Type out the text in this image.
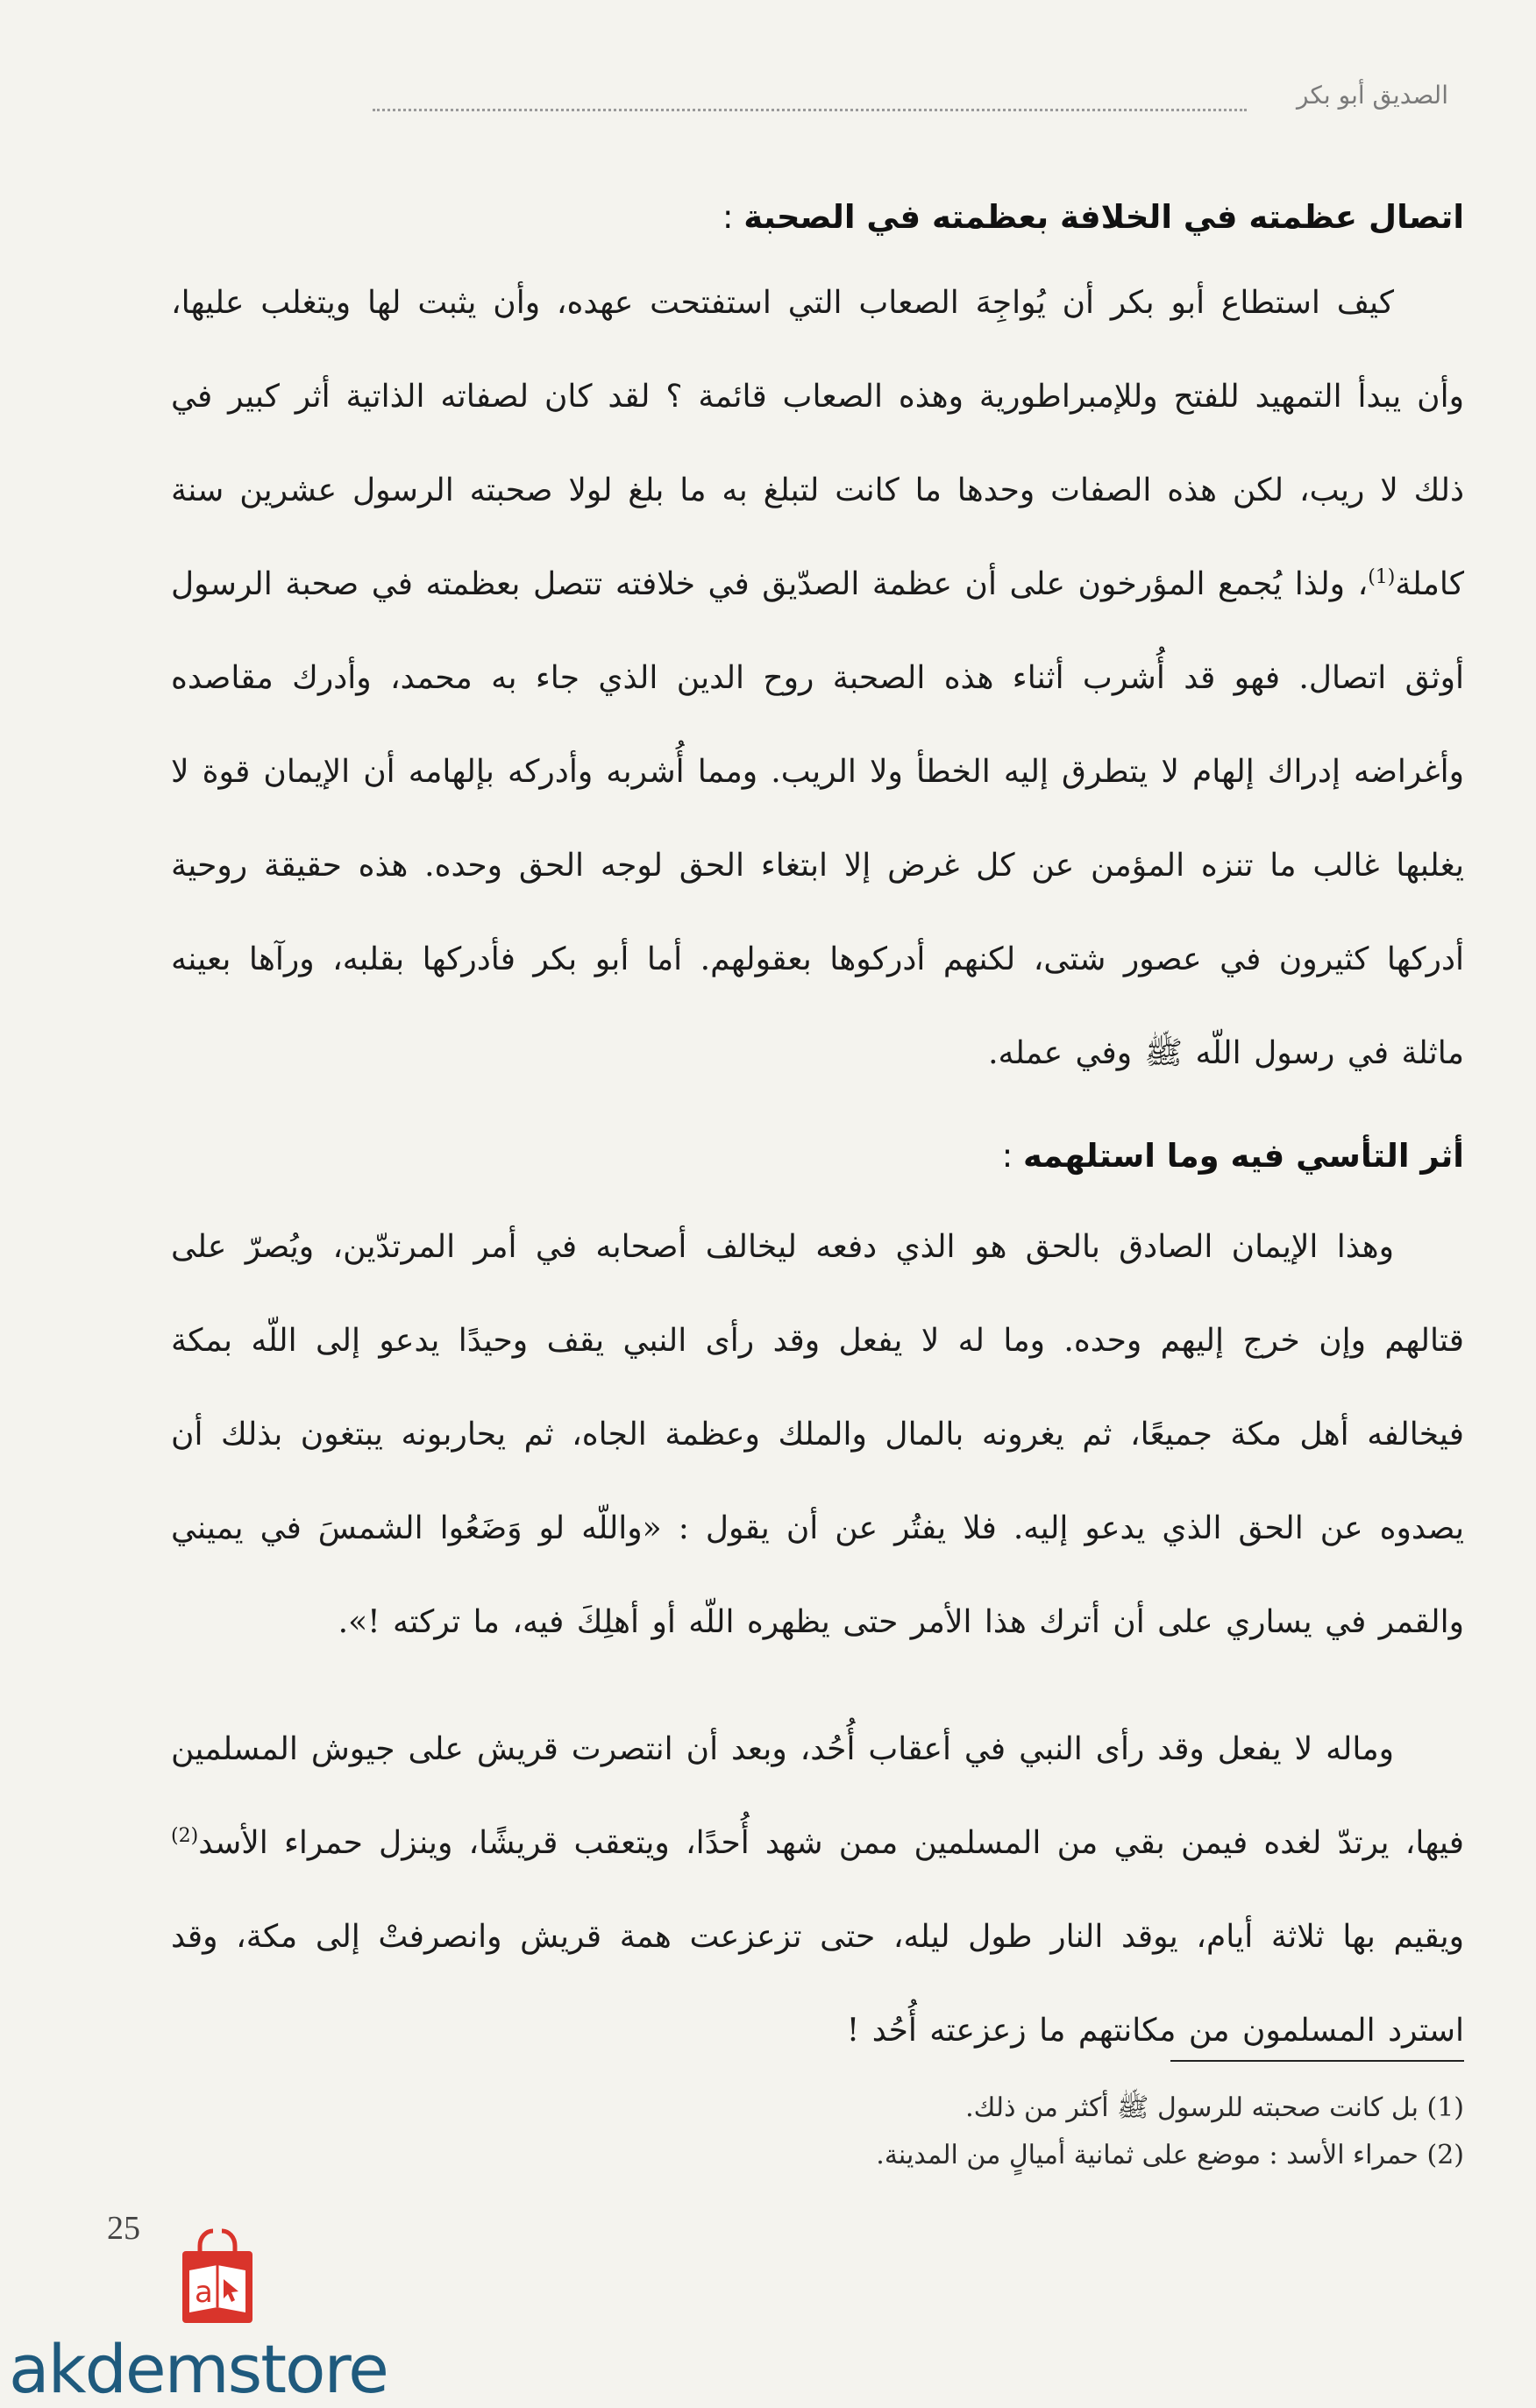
الصديق أبو بكر
اتصال عظمته في الخلافة بعظمته في الصحبة :

كيف استطاع أبو بكر أن يُواجِهَ الصعاب التي استفتحت عهده، وأن يثبت لها ويتغلب عليها، وأن يبدأ التمهيد للفتح وللإمبراطورية وهذه الصعاب قائمة ؟ لقد كان لصفاته الذاتية أثر كبير في ذلك لا ريب، لكن هذه الصفات وحدها ما كانت لتبلغ به ما بلغ لولا صحبته الرسول عشرين سنة كاملة$^{(1)}$، ولذا يُجمع المؤرخون على أن عظمة الصدّيق في خلافته تتصل بعظمته في صحبة الرسول أوثق اتصال. فهو قد أُشرب أثناء هذه الصحبة روح الدين الذي جاء به محمد، وأدرك مقاصده وأغراضه إدراك إلهام لا يتطرق إليه الخطأ ولا الريب. ومما أُشربه وأدركه بإلهامه أن الإيمان قوة لا يغلبها غالب ما تنزه المؤمن عن كل غرض إلا ابتغاء الحق لوجه الحق وحده. هذه حقيقة روحية أدركها كثيرون في عصور شتى، لكنهم أدركوها بعقولهم. أما أبو بكر فأدركها بقلبه، ورآها بعينه ماثلة في رسول اللّه ﷺ وفي عمله.

أثر التأسي فيه وما استلهمه :

وهذا الإيمان الصادق بالحق هو الذي دفعه ليخالف أصحابه في أمر المرتدّين، ويُصرّ على قتالهم وإن خرج إليهم وحده. وما له لا يفعل وقد رأى النبي يقف وحيدًا يدعو إلى اللّه بمكة فيخالفه أهل مكة جميعًا، ثم يغرونه بالمال والملك وعظمة الجاه، ثم يحاربونه يبتغون بذلك أن يصدوه عن الحق الذي يدعو إليه. فلا يفتُر عن أن يقول : «واللّه لو وَضَعُوا الشمسَ في يميني والقمر في يساري على أن أترك هذا الأمر حتى يظهره اللّه أو أهلِكَ فيه، ما تركته !».

وماله لا يفعل وقد رأى النبي في أعقاب أُحُد، وبعد أن انتصرت قريش على جيوش المسلمين فيها، يرتدّ لغده فيمن بقي من المسلمين ممن شهد أُحدًا، ويتعقب قريشًا، وينزل حمراء الأسد$^{(2)}$ ويقيم بها ثلاثة أيام، يوقد النار طول ليله، حتى تزعزعت همة قريش وانصرفتْ إلى مكة، وقد استرد المسلمون من مكانتهم ما زعزعته أُحُد !

(1) بل كانت صحبته للرسول ﷺ أكثر من ذلك.
(2) حمراء الأسد : موضع على ثمانية أميالٍ من المدينة.
25
a
akdemstore
